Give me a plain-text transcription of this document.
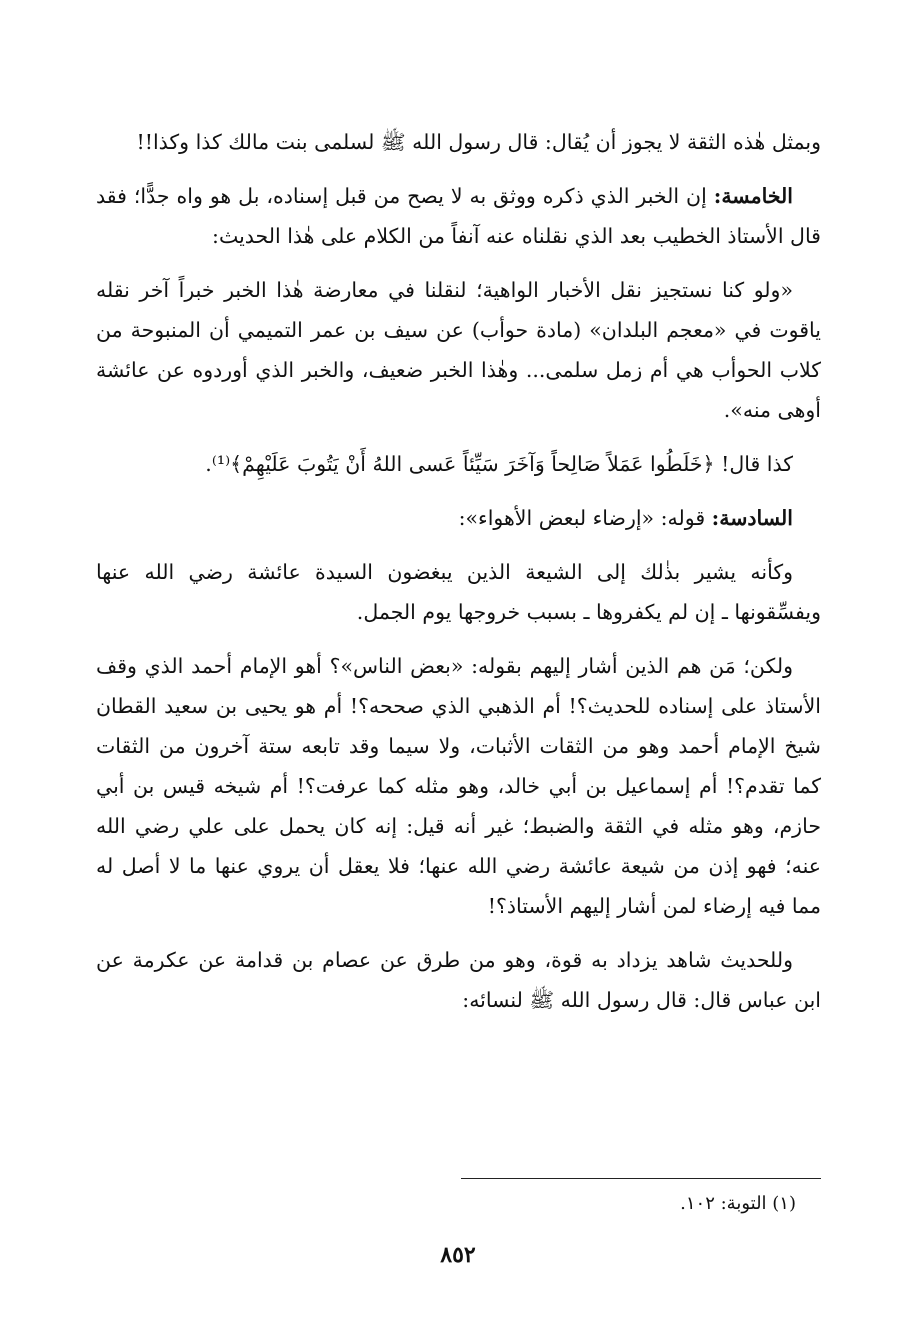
وبمثل هٰذه الثقة لا يجوز أن يُقال: قال رسول الله ﷺ لسلمى بنت مالك كذا وكذا!!

الخامسة: إن الخبر الذي ذكره ووثق به لا يصح من قبل إسناده، بل هو واه جدًّا؛ فقد قال الأستاذ الخطيب بعد الذي نقلناه عنه آنفاً من الكلام على هٰذا الحديث:

«ولو كنا نستجيز نقل الأخبار الواهية؛ لنقلنا في معارضة هٰذا الخبر خبراً آخر نقله ياقوت في «معجم البلدان» (مادة حوأب) عن سيف بن عمر التميمي أن المنبوحة من كلاب الحوأب هي أم زمل سلمى... وهٰذا الخبر ضعيف، والخبر الذي أوردوه عن عائشة أوهى منه».

كذا قال! ﴿خَلَطُوا عَمَلاً صَالِحاً وَآخَرَ سَيِّئاً عَسى اللهُ أَنْ يَتُوبَ عَلَيْهِمْ﴾⁽¹⁾.

السادسة: قوله: «إرضاء لبعض الأهواء»:

وكأنه يشير بذٰلك إلى الشيعة الذين يبغضون السيدة عائشة رضي الله عنها ويفسِّقونها ـ إن لم يكفروها ـ بسبب خروجها يوم الجمل.

ولكن؛ مَن هم الذين أشار إليهم بقوله: «بعض الناس»؟ أهو الإمام أحمد الذي وقف الأستاذ على إسناده للحديث؟! أم الذهبي الذي صححه؟! أم هو يحيى بن سعيد القطان شيخ الإمام أحمد وهو من الثقات الأثبات، ولا سيما وقد تابعه ستة آخرون من الثقات كما تقدم؟! أم إسماعيل بن أبي خالد، وهو مثله كما عرفت؟! أم شيخه قيس بن أبي حازم، وهو مثله في الثقة والضبط؛ غير أنه قيل: إنه كان يحمل على علي رضي الله عنه؛ فهو إذن من شيعة عائشة رضي الله عنها؛ فلا يعقل أن يروي عنها ما لا أصل له مما فيه إرضاء لمن أشار إليهم الأستاذ؟!

وللحديث شاهد يزداد به قوة، وهو من طرق عن عصام بن قدامة عن عكرمة عن ابن عباس قال: قال رسول الله ﷺ لنسائه:

(١) التوبة: ١٠٢.
٨٥٢
